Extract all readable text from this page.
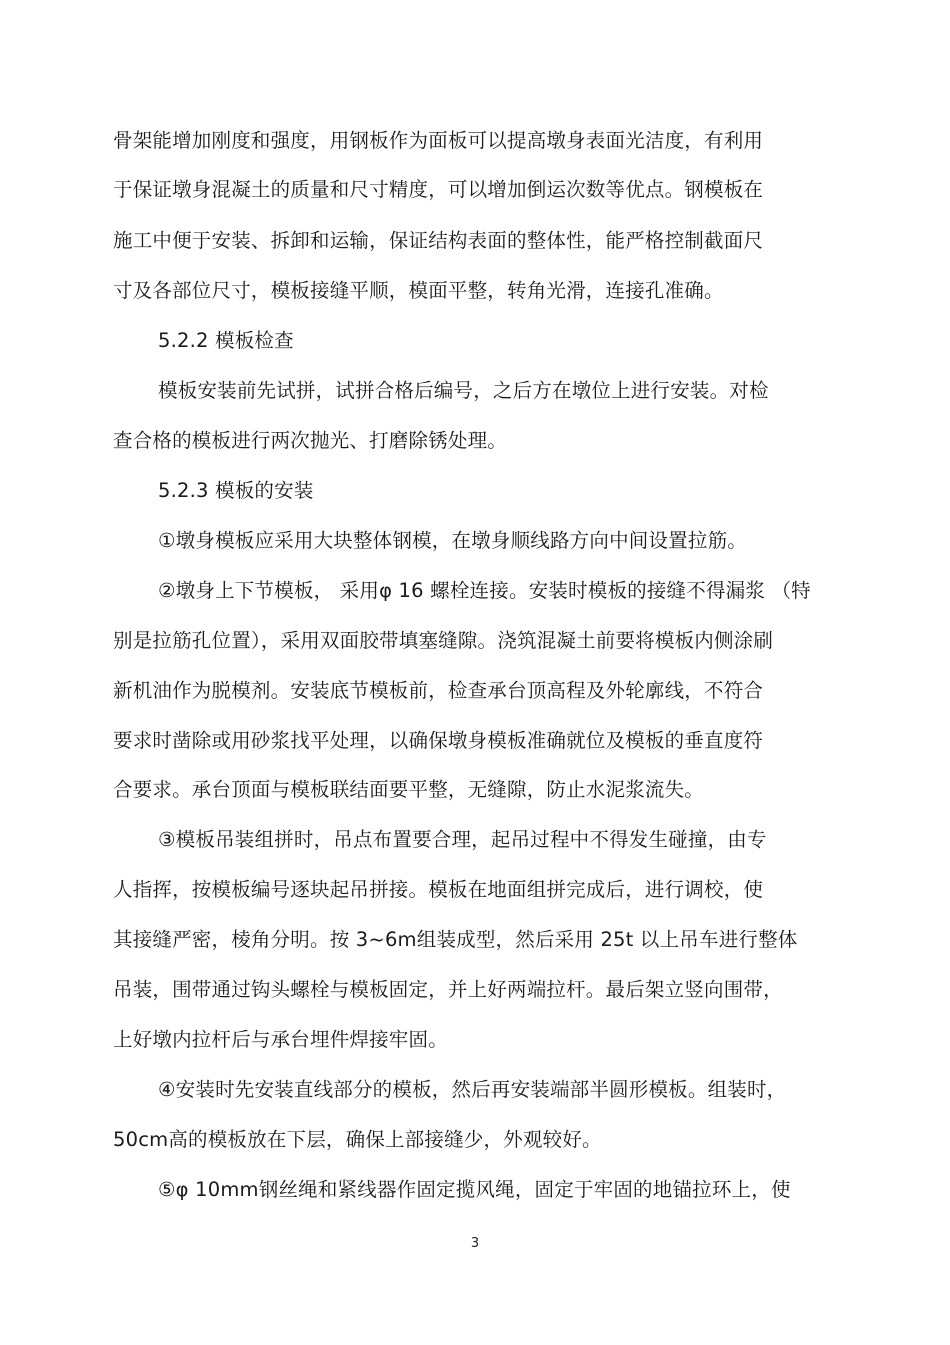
骨架能增加刚度和强度，用钢板作为面板可以提高墩身表面光洁度，有利用
于保证墩身混凝土的质量和尺寸精度，可以增加倒运次数等优点。钢模板在
施工中便于安装、拆卸和运输，保证结构表面的整体性，能严格控制截面尺
寸及各部位尺寸，模板接缝平顺，模面平整，转角光滑，连接孔准确。
5.2.2 模板检查
模板安装前先试拼，试拼合格后编号，之后方在墩位上进行安装。对检
查合格的模板进行两次抛光、打磨除锈处理。
5.2.3 模板的安装
①墩身模板应采用大块整体钢模，在墩身顺线路方向中间设置拉筋。
②墩身上下节模板， 采用φ 16 螺栓连接。安装时模板的接缝不得漏浆 （特
别是拉筋孔位置），采用双面胶带填塞缝隙。浇筑混凝土前要将模板内侧涂刷
新机油作为脱模剂。安装底节模板前，检查承台顶高程及外轮廓线，不符合
要求时凿除或用砂浆找平处理，以确保墩身模板准确就位及模板的垂直度符
合要求。承台顶面与模板联结面要平整，无缝隙，防止水泥浆流失。
③模板吊装组拼时，吊点布置要合理，起吊过程中不得发生碰撞，由专
人指挥，按模板编号逐块起吊拼接。模板在地面组拼完成后，进行调校，使
其接缝严密，棱角分明。按 3~6m组装成型，然后采用 25t 以上吊车进行整体
吊装，围带通过钩头螺栓与模板固定，并上好两端拉杆。最后架立竖向围带，
上好墩内拉杆后与承台埋件焊接牢固。
④安装时先安装直线部分的模板，然后再安装端部半圆形模板。组装时，
50cm高的模板放在下层，确保上部接缝少，外观较好。
⑤φ 10mm钢丝绳和紧线器作固定揽风绳，固定于牢固的地锚拉环上，使
3
